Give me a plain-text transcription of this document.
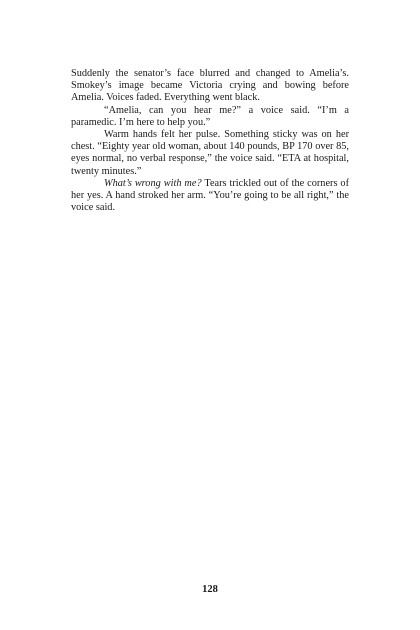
Suddenly the senator’s face blurred and changed to Amelia’s. Smokey’s image became Victoria crying and bowing before Amelia. Voices faded. Everything went black.

“Amelia, can you hear me?” a voice said. “I’m a paramedic. I’m here to help you.”

Warm hands felt her pulse. Something sticky was on her chest. “Eighty year old woman, about 140 pounds, BP 170 over 85, eyes normal, no verbal response,” the voice said. “ETA at hospital, twenty minutes.”

What’s wrong with me? Tears trickled out of the corners of her yes. A hand stroked her arm. “You’re going to be all right,” the voice said.

128
